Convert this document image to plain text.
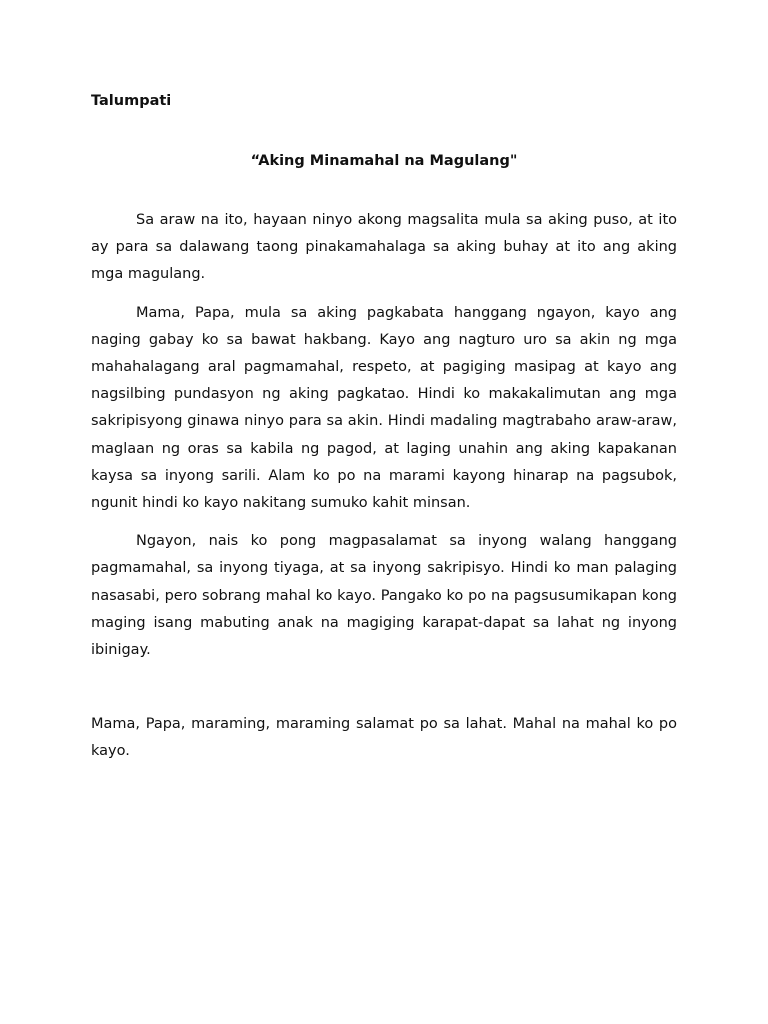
Talumpati

“Aking Minamahal na Magulang"

Sa araw na ito, hayaan ninyo akong magsalita mula sa aking puso, at ito ay para sa dalawang taong pinakamahalaga sa aking buhay at ito ang aking mga magulang.

Mama, Papa, mula sa aking pagkabata hanggang ngayon, kayo ang naging gabay ko sa bawat hakbang. Kayo ang nagturo uro sa akin ng mga mahahalagang aral pagmamahal, respeto, at pagiging masipag at kayo ang nagsilbing pundasyon ng aking pagkatao. Hindi ko makakalimutan ang mga sakripisyong ginawa ninyo para sa akin. Hindi madaling magtrabaho araw-araw, maglaan ng oras sa kabila ng pagod, at laging unahin ang aking kapakanan kaysa sa inyong sarili. Alam ko po na marami kayong hinarap na pagsubok, ngunit hindi ko kayo nakitang sumuko kahit minsan.

Ngayon, nais ko pong magpasalamat sa inyong walang hanggang pagmamahal, sa inyong tiyaga, at sa inyong sakripisyo. Hindi ko man palaging nasasabi, pero sobrang mahal ko kayo. Pangako ko po na pagsusumikapan kong maging isang mabuting anak na magiging karapat-dapat sa lahat ng inyong ibinigay.

Mama, Papa, maraming, maraming salamat po sa lahat. Mahal na mahal ko po kayo.
